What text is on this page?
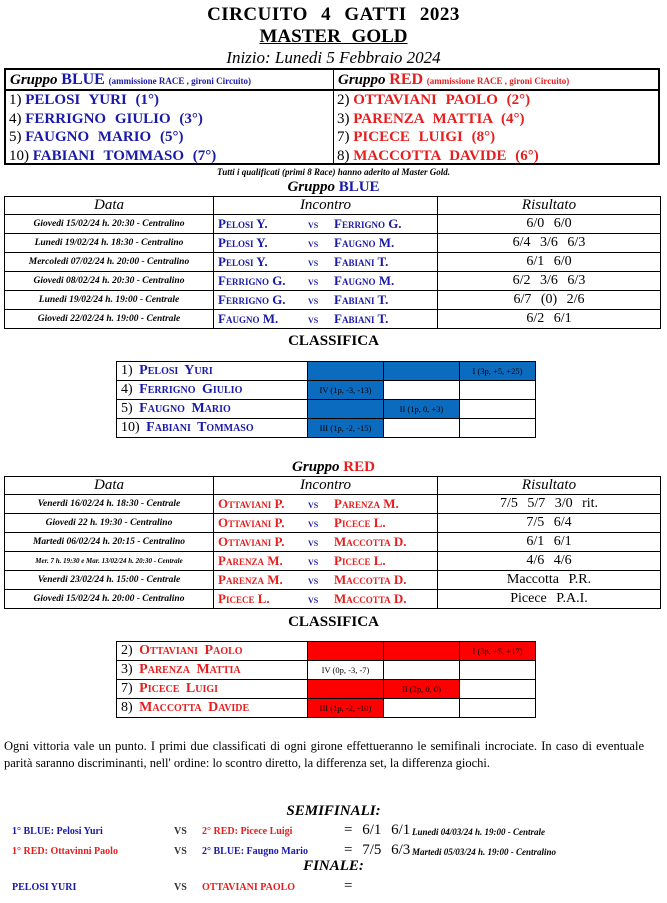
CIRCUITO 4 GATTI 2023
MASTER GOLD
Inizio: Lunedi 5 Febbraio 2024
Gruppo BLUE (ammissione RACE , gironi Circuito)
1) PELOSI YURI (1°)
4) FERRIGNO GIULIO (3°)
5) FAUGNO MARIO (5°)
10) FABIANI TOMMASO (7°)
Gruppo RED (ammissione RACE , gironi Circuito)
2) OTTAVIANI PAOLO (2°)
3) PARENZA MATTIA (4°)
7) PICECE LUIGI (8°)
8) MACCOTTA DAVIDE (6°)
Tutti i qualificati (primi 8 Race) hanno aderito al Master Gold.
Gruppo BLUE
Data	Incontro	Risultato
Giovedi 15/02/24 h. 20:30 - Centralino	Pelosi Y. vs Ferrigno G.	6/0 6/0
Lunedi 19/02/24 h. 18:30 - Centralino	Pelosi Y. vs Faugno M.	6/4 3/6 6/3
Mercoledi 07/02/24 h. 20:00 - Centralino	Pelosi Y. vs Fabiani T.	6/1 6/0
Giovedi 08/02/24 h. 20:30 - Centralino	Ferrigno G. vs Faugno M.	6/2 3/6 6/3
Lunedi 19/02/24 h. 19:00 - Centrale	Ferrigno G. vs Fabiani T.	6/7 (0) 2/6
Giovedi 22/02/24 h. 19:00 - Centrale	Faugno M. vs Fabiani T.	6/2 6/1
CLASSIFICA
1) Pelosi Yuri			I (3p, +5, +25)
4) Ferrigno Giulio	IV (1p, -3, -13)		
5) Faugno Mario		II (1p, 0, +3)	
10) Fabiani Tommaso	III (1p, -2, -15)		
Gruppo RED
Data	Incontro	Risultato
Venerdi 16/02/24 h. 18:30 - Centrale	Ottaviani P. vs Parenza M.	7/5 5/7 3/0 rit.
Giovedi 22 h. 19:30 - Centralino	Ottaviani P. vs Picece L.	7/5 6/4
Martedi 06/02/24 h. 20:15 - Centralino	Ottaviani P. vs Maccotta D.	6/1 6/1
Mer. 7 h. 19:30 e Mar. 13/02/24 h. 20:30 - Centrale	Parenza M. vs Picece L.	4/6 4/6
Venerdi 23/02/24 h. 15:00 - Centrale	Parenza M. vs Maccotta D.	Maccotta P.R.
Giovedi 15/02/24 h. 20:00 - Centralino	Picece L. vs Maccotta D.	Picece P.A.I.
CLASSIFICA
2) Ottaviani Paolo			I (3p, +5, +17)
3) Parenza Mattia	IV (0p, -3, -7)		
7) Picece Luigi		II (2p, 0, 0)	
8) Maccotta Davide	III (1p, -2, -10)		
Ogni vittoria vale un punto. I primi due classificati di ogni girone effettueranno le semifinali incrociate. In caso di eventuale parità saranno discriminanti, nell' ordine: lo scontro diretto, la differenza set, la differenza giochi.
SEMIFINALI:
1° BLUE: Pelosi Yuri	VS 2° RED: Picece Luigi	= 6/1 6/1 Lunedi 04/03/24 h. 19:00 - Centrale
1° RED: Ottavinni Paolo	VS 2° BLUE: Faugno Mario = 7/5 6/3 Martedi 05/03/24 h. 19:00 - Centralino
FINALE:
PELOSI YURI	VS OTTAVIANI PAOLO	=
